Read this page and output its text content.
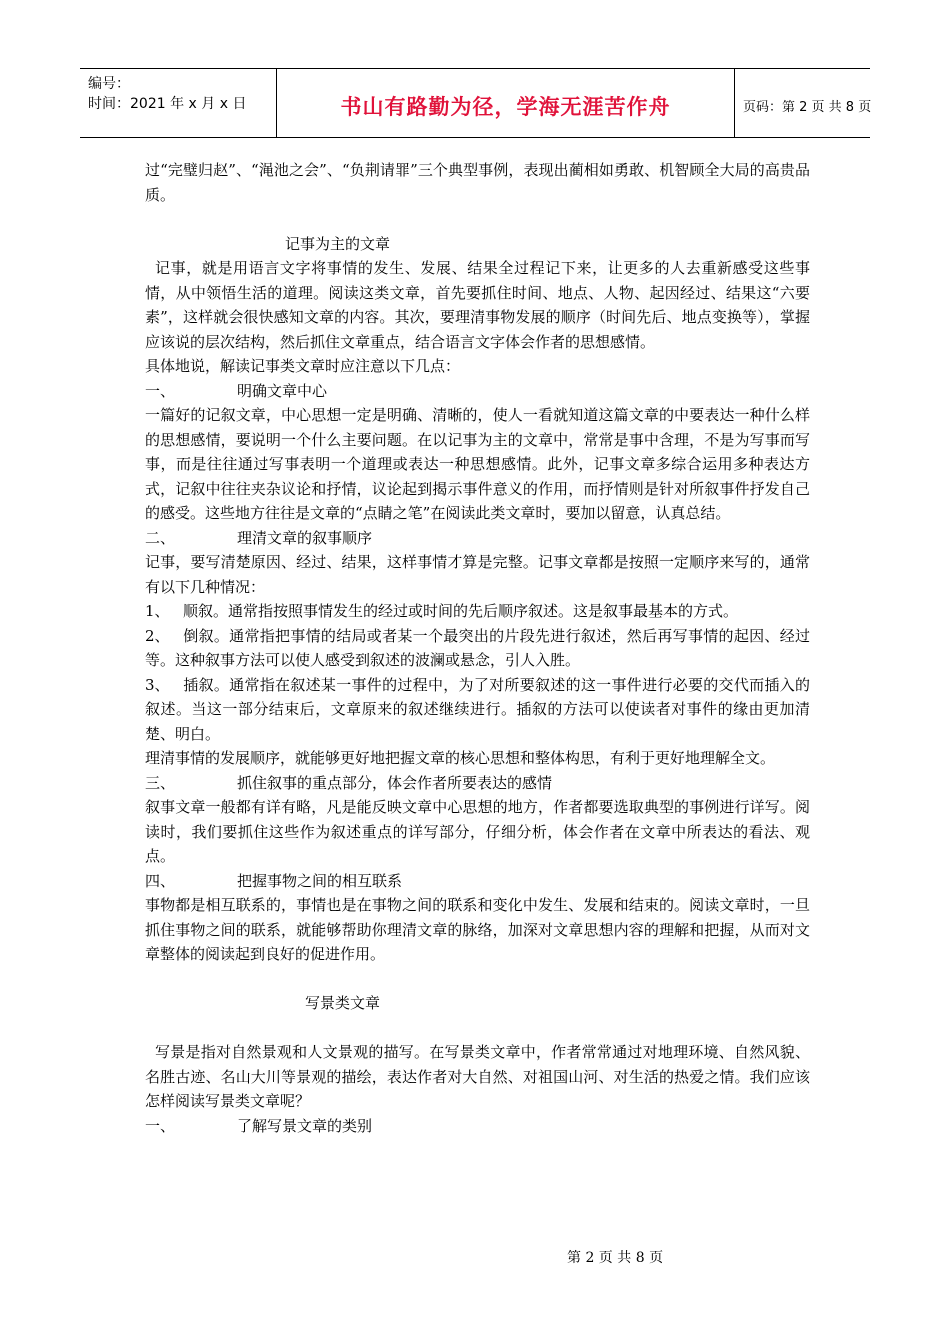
编号：
时间：2021 年 x 月 x 日	书山有路勤为径，学海无涯苦作舟	页码：第 2 页 共 8 页

过“完璧归赵”、“渑池之会”、“负荆请罪”三个典型事例，表现出蔺相如勇敢、机智顾全大局的高贵品质。

记事为主的文章

记事，就是用语言文字将事情的发生、发展、结果全过程记下来，让更多的人去重新感受这些事情，从中领悟生活的道理。阅读这类文章，首先要抓住时间、地点、人物、起因经过、结果这“六要素”，这样就会很快感知文章的内容。其次，要理清事物发展的顺序（时间先后、地点变换等），掌握应该说的层次结构，然后抓住文章重点，结合语言文字体会作者的思想感情。

具体地说，解读记事类文章时应注意以下几点：

一、	明确文章中心

一篇好的记叙文章，中心思想一定是明确、清晰的，使人一看就知道这篇文章的中要表达一种什么样的思想感情，要说明一个什么主要问题。在以记事为主的文章中，常常是事中含理，不是为写事而写事，而是往往通过写事表明一个道理或表达一种思想感情。此外，记事文章多综合运用多种表达方式，记叙中往往夹杂议论和抒情，议论起到揭示事件意义的作用，而抒情则是针对所叙事件抒发自己的感受。这些地方往往是文章的“点睛之笔”在阅读此类文章时，要加以留意，认真总结。

二、	理清文章的叙事顺序

记事，要写清楚原因、经过、结果，这样事情才算是完整。记事文章都是按照一定顺序来写的，通常有以下几种情况：

1、 顺叙。通常指按照事情发生的经过或时间的先后顺序叙述。这是叙事最基本的方式。

2、 倒叙。通常指把事情的结局或者某一个最突出的片段先进行叙述，然后再写事情的起因、经过等。这种叙事方法可以使人感受到叙述的波澜或悬念，引人入胜。

3、 插叙。通常指在叙述某一事件的过程中，为了对所要叙述的这一事件进行必要的交代而插入的叙述。当这一部分结束后，文章原来的叙述继续进行。插叙的方法可以使读者对事件的缘由更加清楚、明白。

理清事情的发展顺序，就能够更好地把握文章的核心思想和整体构思，有利于更好地理解全文。

三、	抓住叙事的重点部分，体会作者所要表达的感情

叙事文章一般都有详有略，凡是能反映文章中心思想的地方，作者都要选取典型的事例进行详写。阅读时，我们要抓住这些作为叙述重点的详写部分，仔细分析，体会作者在文章中所表达的看法、观点。

四、	把握事物之间的相互联系

事物都是相互联系的，事情也是在事物之间的联系和变化中发生、发展和结束的。阅读文章时，一旦抓住事物之间的联系，就能够帮助你理清文章的脉络，加深对文章思想内容的理解和把握，从而对文章整体的阅读起到良好的促进作用。

写景类文章

写景是指对自然景观和人文景观的描写。在写景类文章中，作者常常通过对地理环境、自然风貌、名胜古迹、名山大川等景观的描绘，表达作者对大自然、对祖国山河、对生活的热爱之情。我们应该怎样阅读写景类文章呢？

一、	了解写景文章的类别
第 2 页 共 8 页
